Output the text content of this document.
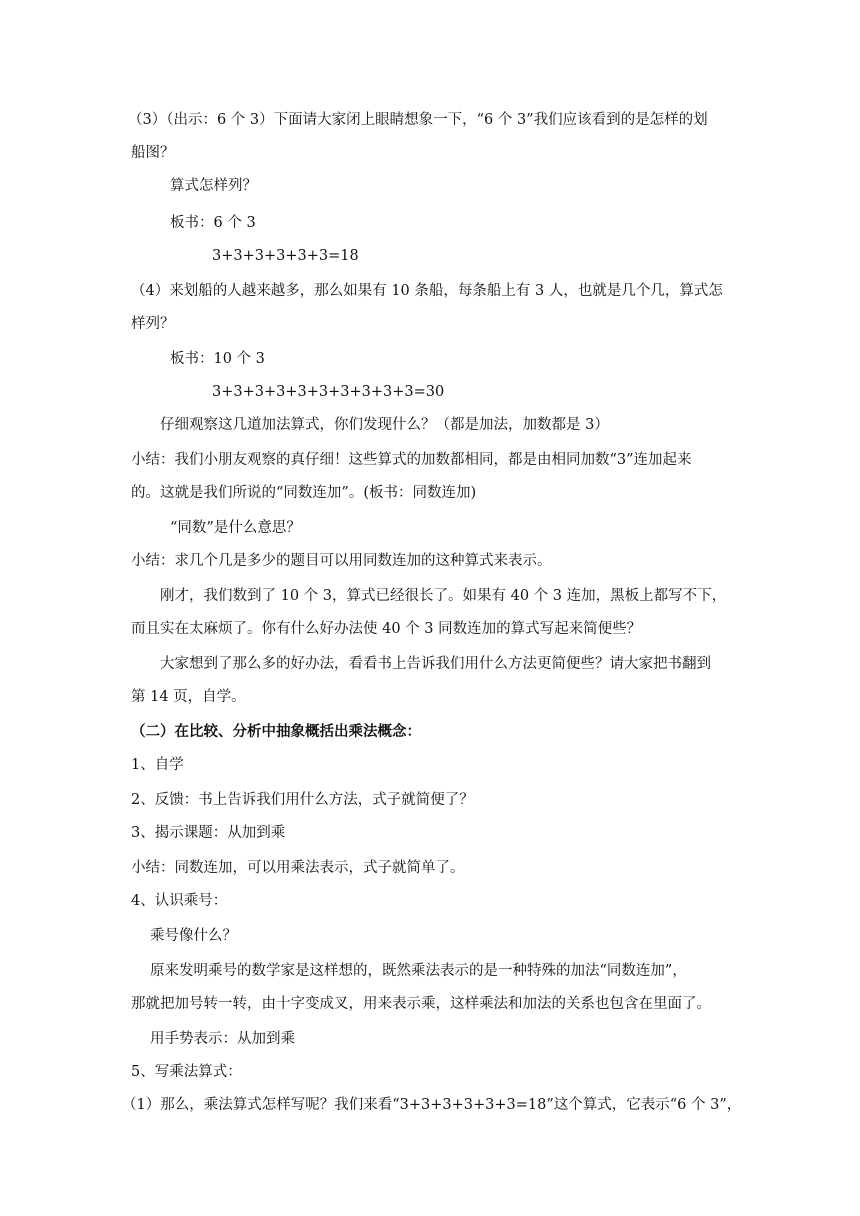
（3）（出示：6 个 3）下面请大家闭上眼睛想象一下，“6 个 3”我们应该看到的是怎样的划
船图？
算式怎样列？
板书：6 个 3
3+3+3+3+3+3=18
（4）来划船的人越来越多，那么如果有 10 条船，每条船上有 3 人，也就是几个几，算式怎
样列？
板书：10 个 3
3+3+3+3+3+3+3+3+3+3=30
仔细观察这几道加法算式，你们发现什么？（都是加法，加数都是 3）
小结：我们小朋友观察的真仔细！这些算式的加数都相同，都是由相同加数“3”连加起来
的。这就是我们所说的“同数连加”。(板书：同数连加)
“同数”是什么意思？
小结：求几个几是多少的题目可以用同数连加的这种算式来表示。
刚才，我们数到了 10 个 3，算式已经很长了。如果有 40 个 3 连加，黑板上都写不下，
而且实在太麻烦了。你有什么好办法使 40 个 3 同数连加的算式写起来简便些？
大家想到了那么多的好办法，看看书上告诉我们用什么方法更简便些？请大家把书翻到
第 14 页，自学。
（二）在比较、分析中抽象概括出乘法概念：
1、自学
2、反馈：书上告诉我们用什么方法，式子就简便了？
3、揭示课题：从加到乘
小结：同数连加，可以用乘法表示，式子就简单了。
4、认识乘号：
乘号像什么？
原来发明乘号的数学家是这样想的，既然乘法表示的是一种特殊的加法“同数连加”，
那就把加号转一转，由十字变成叉，用来表示乘，这样乘法和加法的关系也包含在里面了。
用手势表示：从加到乘
5、写乘法算式：
（1）那么，乘法算式怎样写呢？我们来看“3+3+3+3+3+3=18”这个算式，它表示“6 个 3”，
